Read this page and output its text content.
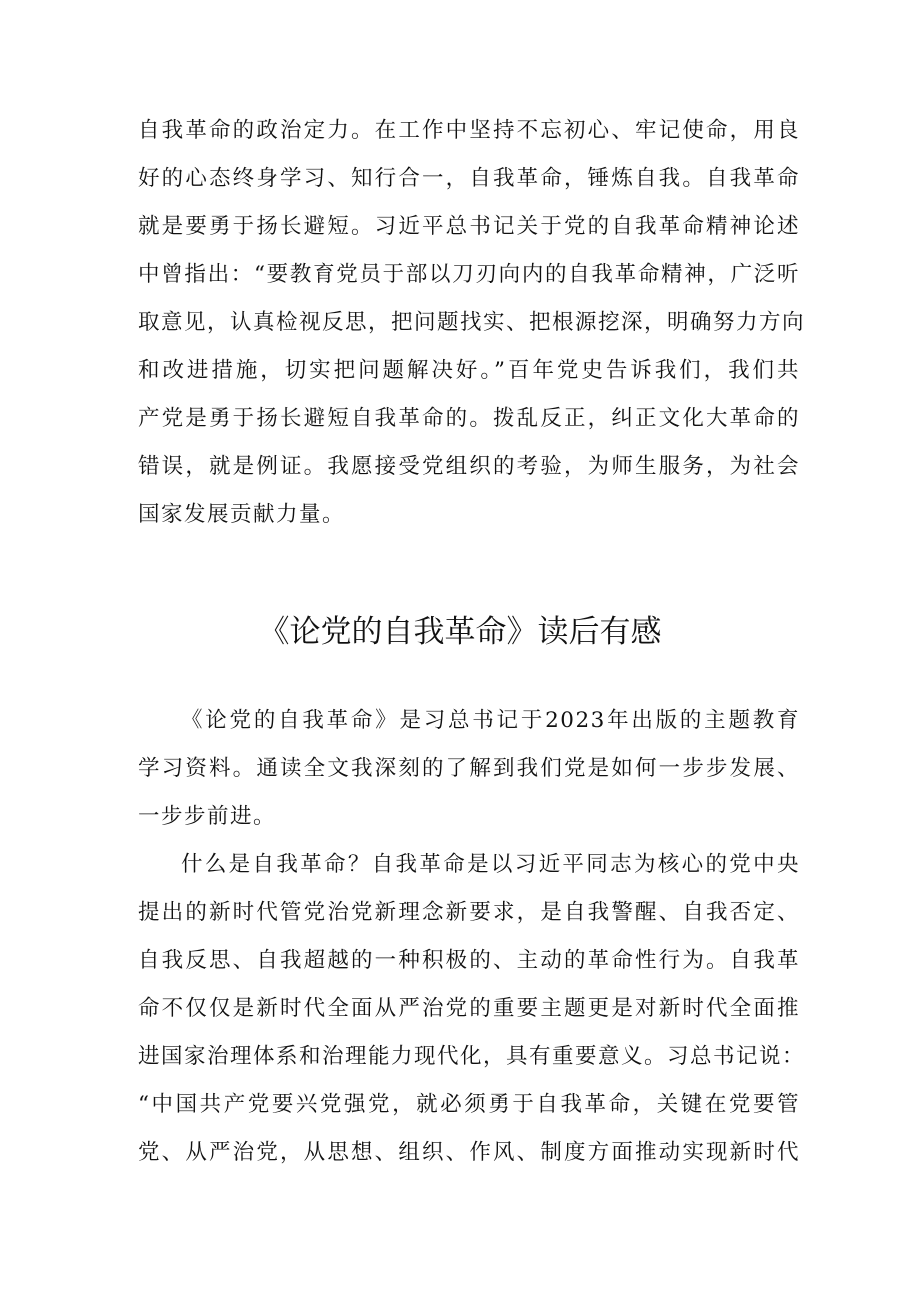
自我革命的政治定力。在工作中坚持不忘初心、牢记使命，用良
好的心态终身学习、知行合一，自我革命，锤炼自我。自我革命
就是要勇于扬长避短。习近平总书记关于党的自我革命精神论述
中曾指出：“要教育党员于部以刀刃向内的自我革命精神，广泛听
取意见，认真检视反思，把问题找实、把根源挖深，明确努力方向
和改进措施，切实把问题解决好。”百年党史告诉我们，我们共
产党是勇于扬长避短自我革命的。拨乱反正，纠正文化大革命的
错误，就是例证。我愿接受党组织的考验，为师生服务，为社会
国家发展贡献力量。
《论党的自我革命》读后有感
《论党的自我革命》是习总书记于2023年出版的主题教育
学习资料。通读全文我深刻的了解到我们党是如何一步步发展、
一步步前进。
什么是自我革命？自我革命是以习近平同志为核心的党中央
提出的新时代管党治党新理念新要求，是自我警醒、自我否定、
自我反思、自我超越的一种积极的、主动的革命性行为。自我革
命不仅仅是新时代全面从严治党的重要主题更是对新时代全面推
进国家治理体系和治理能力现代化，具有重要意义。习总书记说：
“中国共产党要兴党强党，就必须勇于自我革命，关键在党要管
党、从严治党，从思想、组织、作风、制度方面推动实现新时代
